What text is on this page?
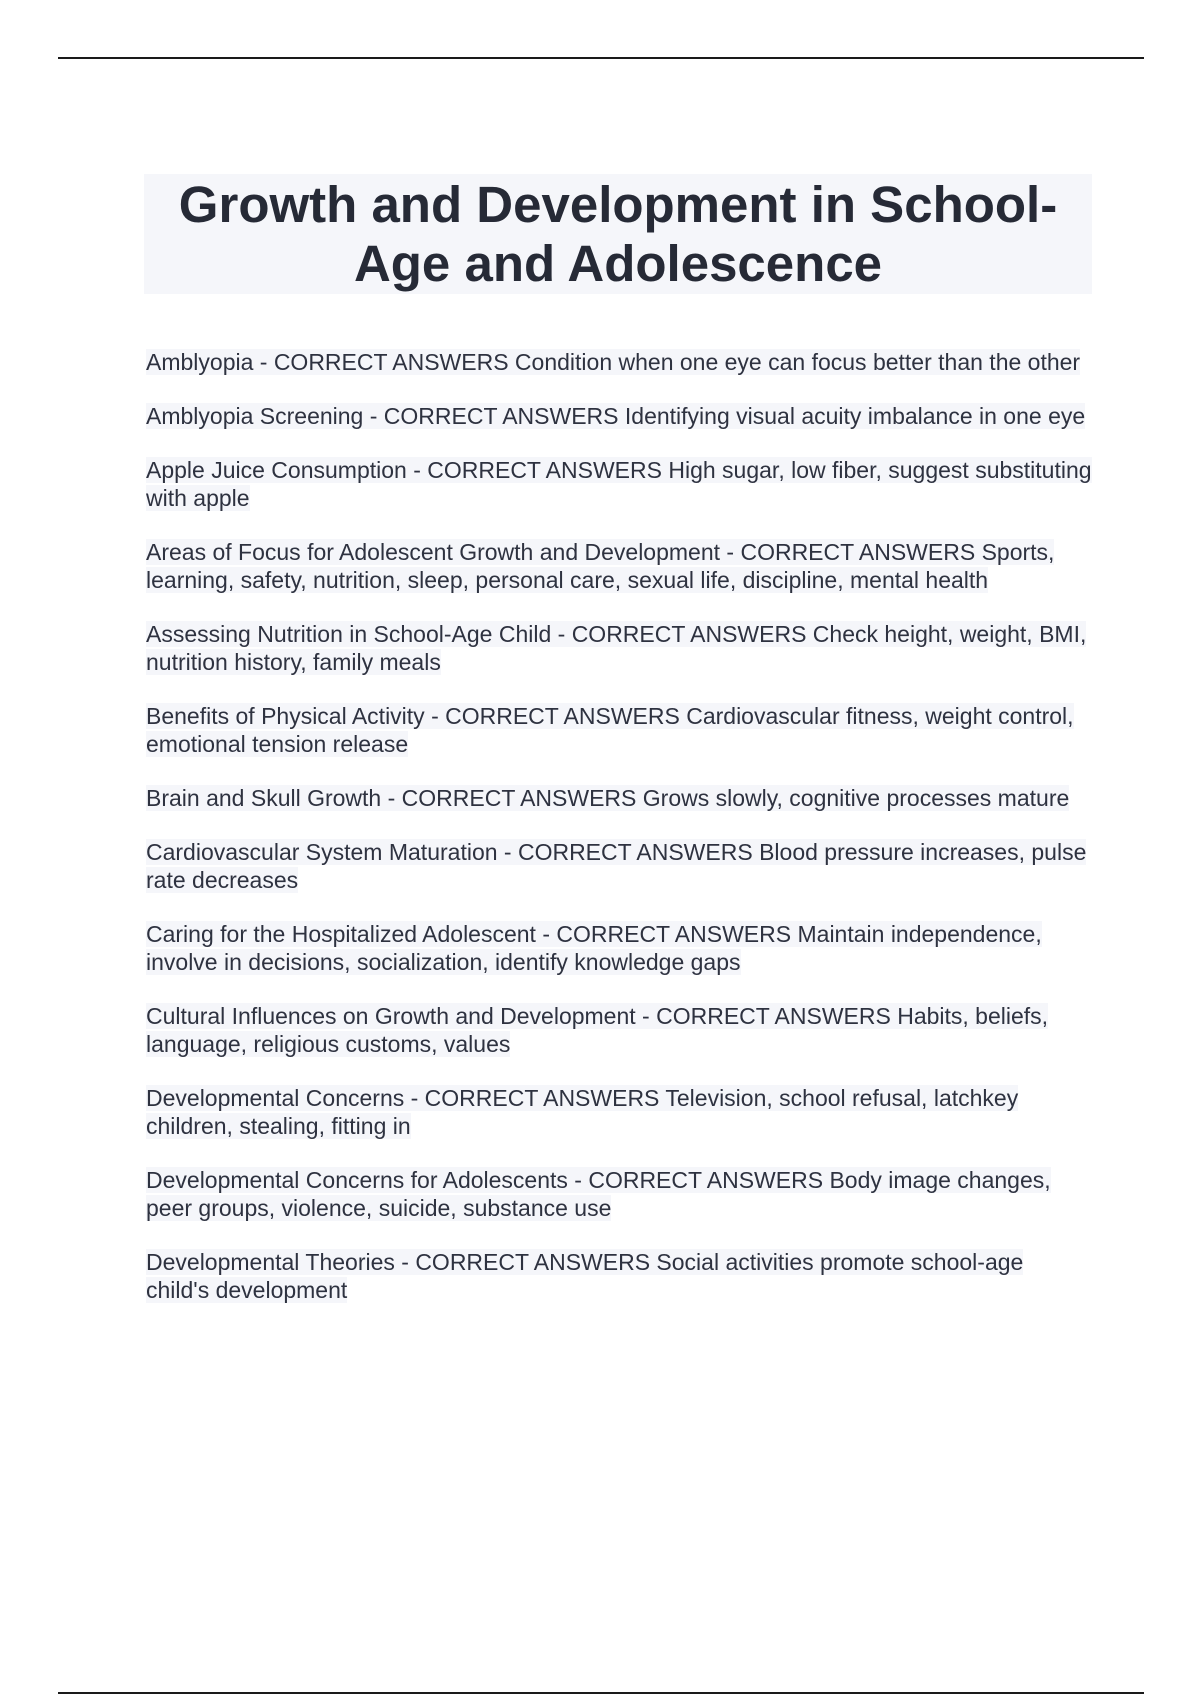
Growth and Development in School-Age and Adolescence

Amblyopia - CORRECT ANSWERS Condition when one eye can focus better than the other

Amblyopia Screening - CORRECT ANSWERS Identifying visual acuity imbalance in one eye

Apple Juice Consumption - CORRECT ANSWERS High sugar, low fiber, suggest substituting with apple

Areas of Focus for Adolescent Growth and Development - CORRECT ANSWERS Sports, learning, safety, nutrition, sleep, personal care, sexual life, discipline, mental health

Assessing Nutrition in School-Age Child - CORRECT ANSWERS Check height, weight, BMI, nutrition history, family meals

Benefits of Physical Activity - CORRECT ANSWERS Cardiovascular fitness, weight control, emotional tension release

Brain and Skull Growth - CORRECT ANSWERS Grows slowly, cognitive processes mature

Cardiovascular System Maturation - CORRECT ANSWERS Blood pressure increases, pulse rate decreases

Caring for the Hospitalized Adolescent - CORRECT ANSWERS Maintain independence, involve in decisions, socialization, identify knowledge gaps

Cultural Influences on Growth and Development - CORRECT ANSWERS Habits, beliefs, language, religious customs, values

Developmental Concerns - CORRECT ANSWERS Television, school refusal, latchkey children, stealing, fitting in

Developmental Concerns for Adolescents - CORRECT ANSWERS Body image changes, peer groups, violence, suicide, substance use

Developmental Theories - CORRECT ANSWERS Social activities promote school-age child's development
